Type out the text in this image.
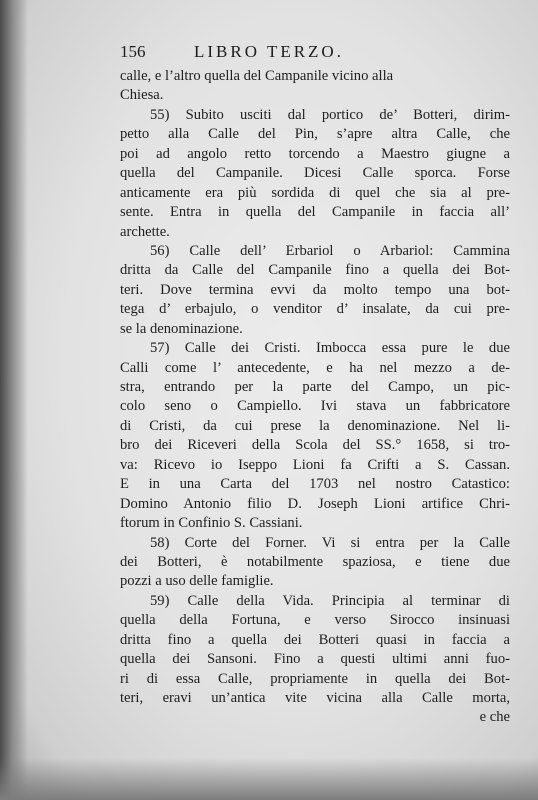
156	LIBRO TERZO.
calle, e l’altro quella del Campanile vicino alla
Chiesa.
55) Subito usciti dal portico de’ Botteri, dirim-
petto alla Calle del Pin, s’apre altra Calle, che
poi ad angolo retto torcendo a Maestro giugne a
quella del Campanile. Dicesi Calle sporca. Forse
anticamente era più sordida di quel che sia al pre-
sente. Entra in quella del Campanile in faccia all’
archette.
56) Calle dell’ Erbariol o Arbariol: Cammina
dritta da Calle del Campanile fino a quella dei Bot-
teri. Dove termina evvi da molto tempo una bot-
tega d’ erbajulo, o venditor d’ insalate, da cui pre-
se la denominazione.
57) Calle dei Cristi. Imbocca essa pure le due
Calli come l’ antecedente, e ha nel mezzo a de-
stra, entrando per la parte del Campo, un pic-
colo seno o Campiello. Ivi stava un fabbricatore
di Cristi, da cui prese la denominazione. Nel li-
bro dei Riceveri della Scola del SS.° 1658, si tro-
va: Ricevo io Iseppo Lioni fa Crifti a S. Cassan.
E in una Carta del 1703 nel nostro Catastico:
Domino Antonio filio D. Joseph Lioni artifice Chri-
ftorum in Confinio S. Cassiani.
58) Corte del Forner. Vi si entra per la Calle
dei Botteri, è notabilmente spaziosa, e tiene due
pozzi a uso delle famiglie.
59) Calle della Vida. Principia al terminar di
quella della Fortuna, e verso Sirocco insinuasi
dritta fino a quella dei Botteri quasi in faccia a
quella dei Sansoni. Fino a questi ultimi anni fuo-
ri di essa Calle, propriamente in quella dei Bot-
teri, eravi un’antica vite vicina alla Calle morta,
e che
